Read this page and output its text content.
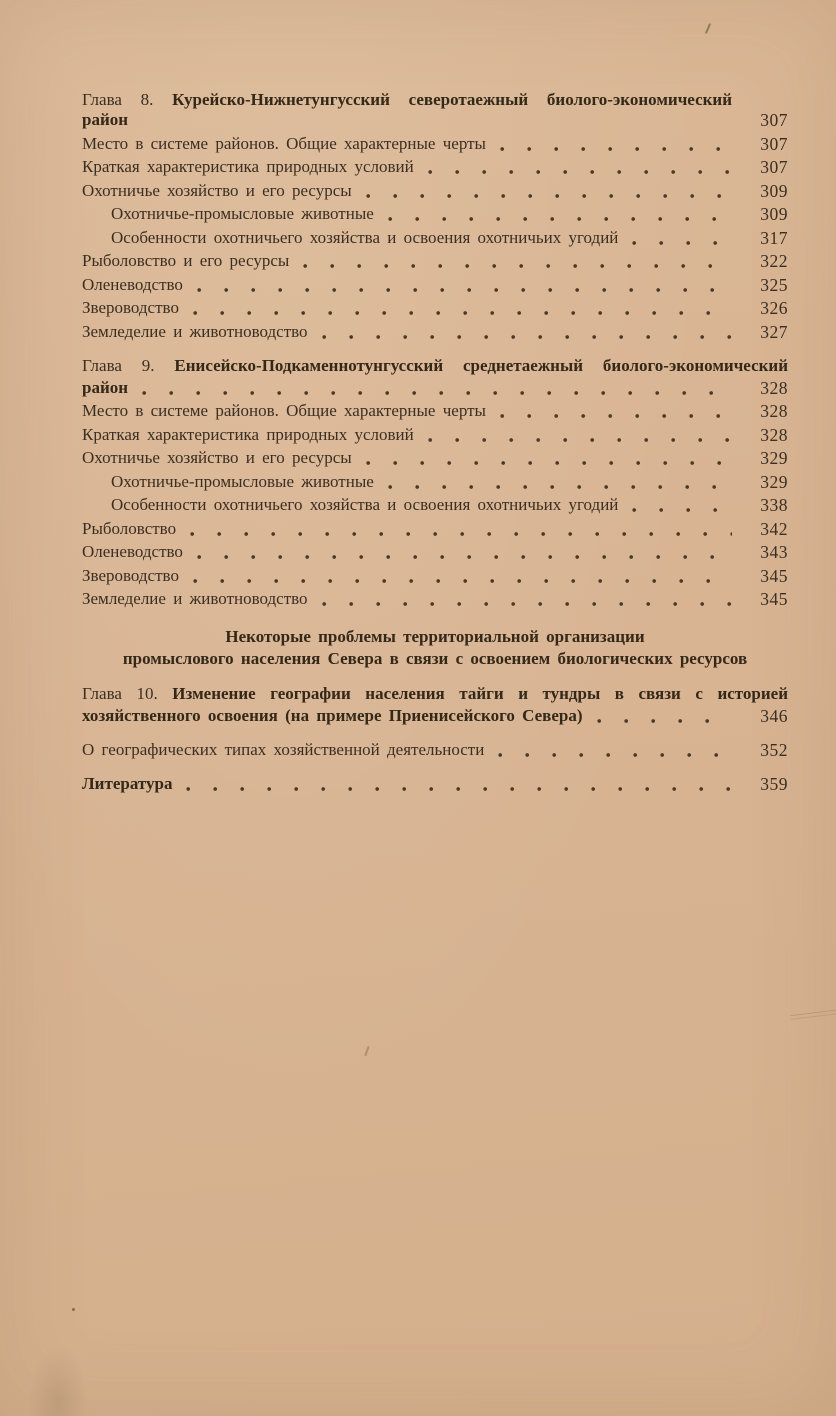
Глава 8. Курейско-Нижнетунгусский северотаежный биолого-экономический район	307
Место в системе районов. Общие характерные черты	307
Краткая характеристика природных условий	307
Охотничье хозяйство и его ресурсы	309
Охотничье-промысловые животные	309
Особенности охотничьего хозяйства и освоения охотничьих угодий	317
Рыболовство и его ресурсы	322
Оленеводство	325
Звероводство	326
Земледелие и животноводство	327
Глава 9. Енисейско-Подкаменнотунгусский среднетаежный биолого-экономический
район	328
Место в системе районов. Общие характерные черты	328
Краткая характеристика природных условий	328
Охотничье хозяйство и его ресурсы	329
Охотничье-промысловые животные	329
Особенности охотничьего хозяйства и освоения охотничьих угодий	338
Рыболовство	342
Оленеводство	343
Звероводство	345
Земледелие и животноводство	345
Некоторые проблемы территориальной организации
промыслового населения Севера в связи с освоением биологических ресурсов
Глава 10. Изменение географии населения тайги и тундры в связи с историей
хозяйственного освоения (на примере Приенисейского Севера)	346
О географических типах хозяйственной деятельности	352
Литература	359
